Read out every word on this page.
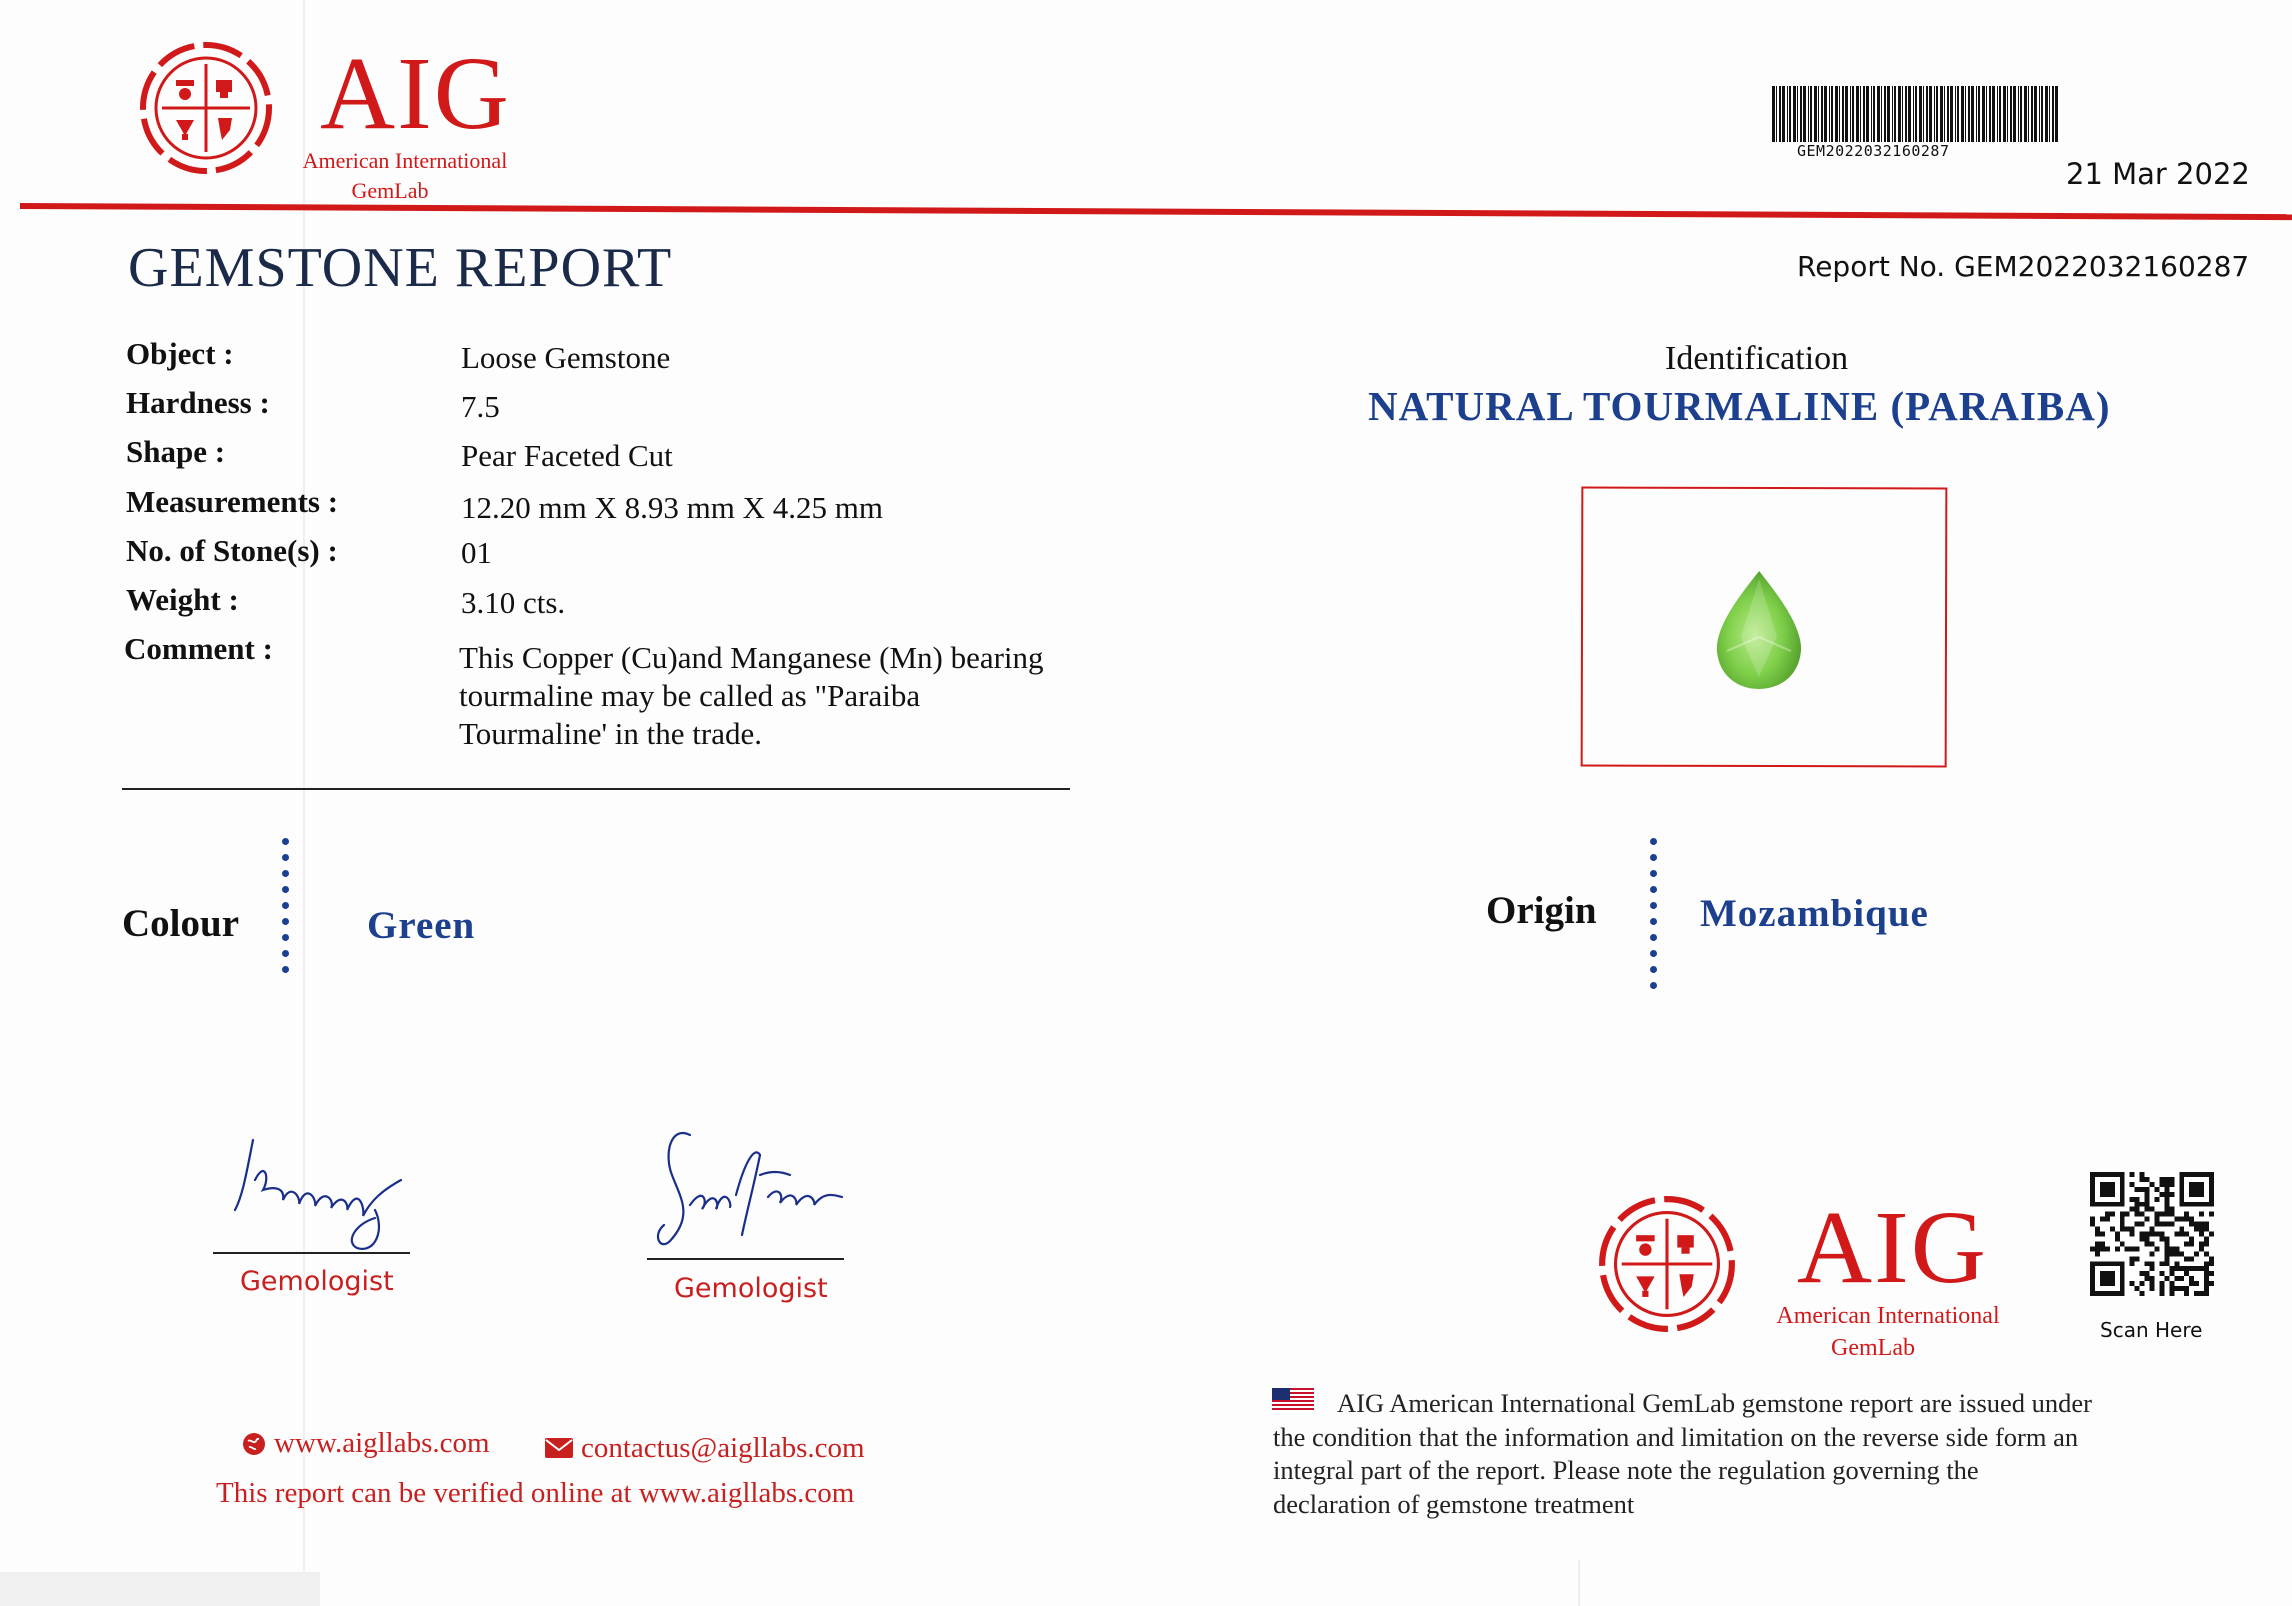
AIG
American International
GemLab
GEM2022032160287
21 Mar 2022
GEMSTONE REPORT	Report No. GEM2022032160287
Object :	Loose Gemstone
Hardness :	7.5
Shape :	Pear Faceted Cut
Measurements :	12.20 mm X 8.93 mm X 4.25 mm
No. of Stone(s) :	01
Weight :	3.10 cts.
Comment :	This Copper (Cu)and Manganese (Mn) bearing
tourmaline may be called as "Paraiba
Tourmaline' in the trade.
Colour	Green
Identification
NATURAL TOURMALINE (PARAIBA)
Origin	Mozambique
Gemologist	Gemologist
www.aigllabs.com	contactus@aigllabs.com
This report can be verified online at www.aigllabs.com
AIG
American International
GemLab
Scan Here
AIG American International GemLab gemstone report are issued under
the condition that the information and limitation on the reverse side form an
integral part of the report. Please note the regulation governing the
declaration of gemstone treatment
